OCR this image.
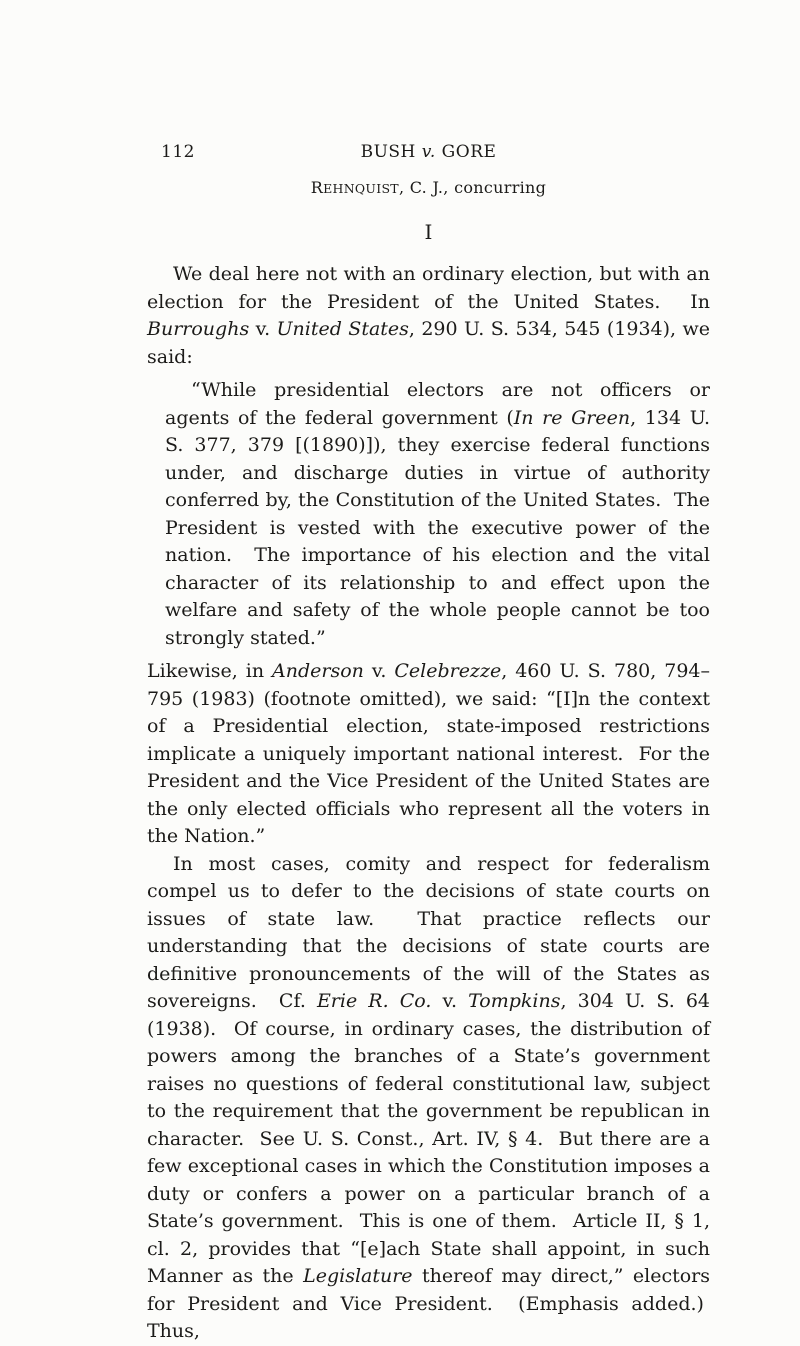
112	BUSH v. GORE
REHNQUIST, C. J., concurring
I

We deal here not with an ordinary election, but with an election for the President of the United States.  In Burroughs v. United States, 290 U. S. 534, 545 (1934), we said:

“While presidential electors are not officers or agents of the federal government (In re Green, 134 U. S. 377, 379 [(1890)]), they exercise federal functions under, and discharge duties in virtue of authority conferred by, the Constitution of the United States.  The President is vested with the executive power of the nation.  The importance of his election and the vital character of its relationship to and effect upon the welfare and safety of the whole people cannot be too strongly stated.”

Likewise, in Anderson v. Celebrezze, 460 U. S. 780, 794–795 (1983) (footnote omitted), we said: “[I]n the context of a Presidential election, state-imposed restrictions implicate a uniquely important national interest.  For the President and the Vice President of the United States are the only elected officials who represent all the voters in the Nation.”

In most cases, comity and respect for federalism compel us to defer to the decisions of state courts on issues of state law.  That practice reflects our understanding that the decisions of state courts are definitive pronouncements of the will of the States as sovereigns.  Cf. Erie R. Co. v. Tompkins, 304 U. S. 64 (1938).  Of course, in ordinary cases, the distribution of powers among the branches of a State’s government raises no questions of federal constitutional law, subject to the requirement that the government be republican in character.  See U. S. Const., Art. IV, § 4.  But there are a few exceptional cases in which the Constitution imposes a duty or confers a power on a particular branch of a State’s government.  This is one of them.  Article II, § 1, cl. 2, provides that “[e]ach State shall appoint, in such Manner as the Legislature thereof may direct,” electors for President and Vice President.  (Emphasis added.)  Thus,
